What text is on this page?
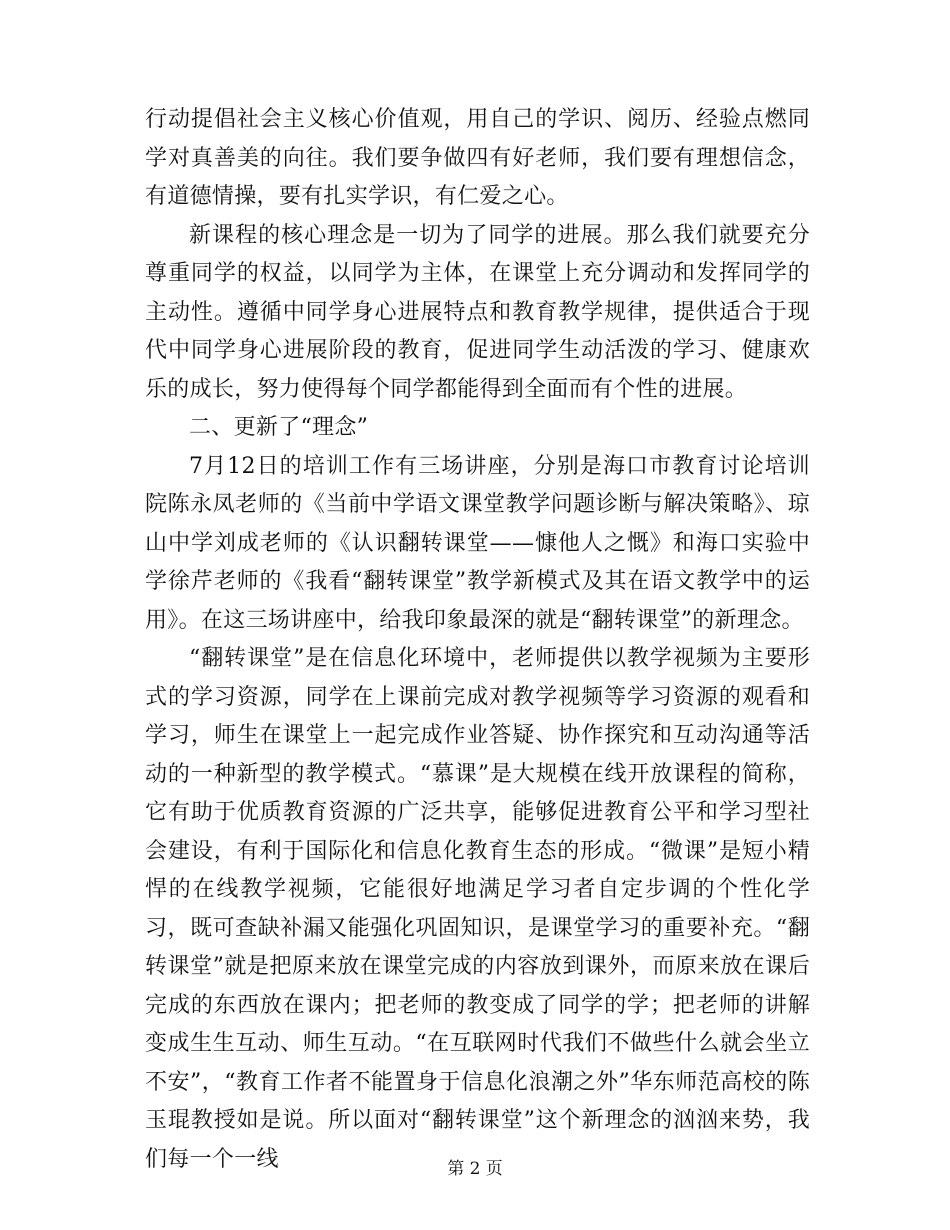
行动提倡社会主义核心价值观，用自己的学识、阅历、经验点燃同学对真善美的向往。我们要争做四有好老师，我们要有理想信念，有道德情操，要有扎实学识，有仁爱之心。

新课程的核心理念是一切为了同学的进展。那么我们就要充分尊重同学的权益，以同学为主体，在课堂上充分调动和发挥同学的主动性。遵循中同学身心进展特点和教育教学规律，提供适合于现代中同学身心进展阶段的教育，促进同学生动活泼的学习、健康欢乐的成长，努力使得每个同学都能得到全面而有个性的进展。

二、更新了“理念”

7月12日的培训工作有三场讲座，分别是海口市教育讨论培训院陈永凤老师的《当前中学语文课堂教学问题诊断与解决策略》、琼山中学刘成老师的《认识翻转课堂——慷他人之慨》和海口实验中学徐芹老师的《我看“翻转课堂”教学新模式及其在语文教学中的运用》。在这三场讲座中，给我印象最深的就是“翻转课堂”的新理念。

“翻转课堂”是在信息化环境中，老师提供以教学视频为主要形式的学习资源，同学在上课前完成对教学视频等学习资源的观看和学习，师生在课堂上一起完成作业答疑、协作探究和互动沟通等活动的一种新型的教学模式。“慕课”是大规模在线开放课程的简称，它有助于优质教育资源的广泛共享，能够促进教育公平和学习型社会建设，有利于国际化和信息化教育生态的形成。“微课”是短小精悍的在线教学视频，它能很好地满足学习者自定步调的个性化学习，既可查缺补漏又能强化巩固知识，是课堂学习的重要补充。“翻转课堂”就是把原来放在课堂完成的内容放到课外，而原来放在课后完成的东西放在课内；把老师的教变成了同学的学；把老师的讲解变成生生互动、师生互动。“在互联网时代我们不做些什么就会坐立不安”，“教育工作者不能置身于信息化浪潮之外”华东师范高校的陈玉琨教授如是说。所以面对“翻转课堂”这个新理念的汹汹来势，我们每一个一线	第 2 页
